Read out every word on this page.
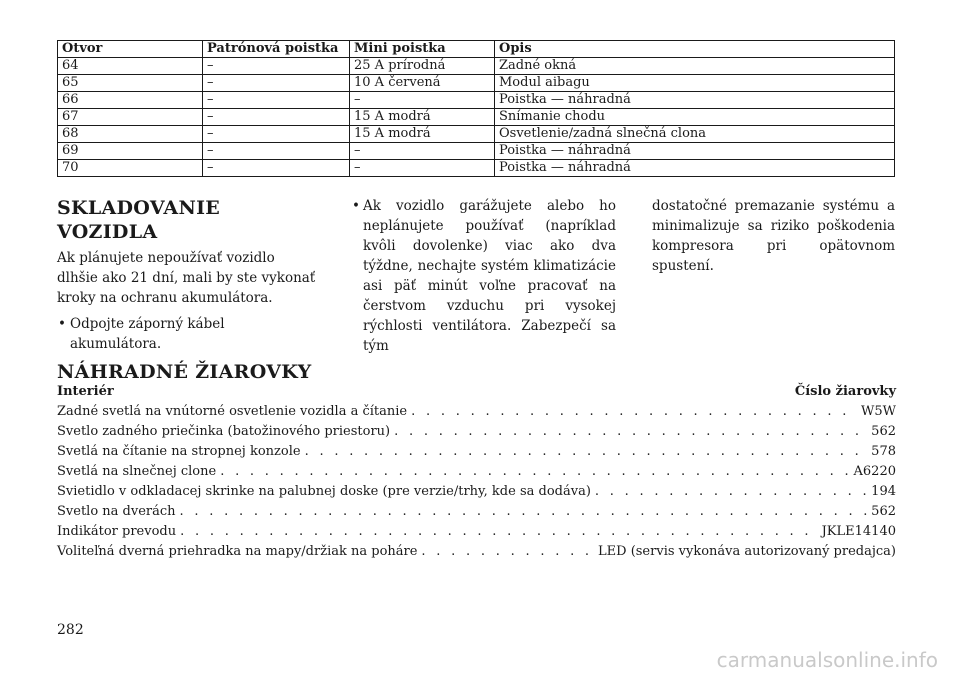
Otvor	Patrónová poistka	Mini poistka	Opis
64	–	25 A prírodná	Zadné okná
65	–	10 A červená	Modul aibagu
66	–	–	Poistka — náhradná
67	–	15 A modrá	Snímanie chodu
68	–	15 A modrá	Osvetlenie/zadná slnečná clona
69	–	–	Poistka — náhradná
70	–	–	Poistka — náhradná
SKLADOVANIE
VOZIDLA

Ak plánujete nepoužívať vozidlo dlhšie ako 21 dní, mali by ste vykonať kroky na ochranu akumulátora.

• Odpojte záporný kábel akumulátora.
NÁHRADNÉ ŽIAROVKY
• Ak vozidlo garážujete alebo ho neplánujete používať (napríklad kvôli dovolenke) viac ako dva týždne, nechajte systém klimatizácie asi päť minút voľne pracovať na čerstvom vzduchu pri vysokej rýchlosti ventilátora. Zabezpečí sa tým
dostatočné premazanie systému a minimalizuje sa riziko poškodenia kompresora pri opätovnom spustení.
Interiér	Číslo žiarovky
Zadné svetlá na vnútorné osvetlenie vozidla a čítanie . . .	W5W
Svetlo zadného priečinka (batožinového priestoru) . . .	562
Svetlá na čítanie na stropnej konzole . . .	578
Svetlá na slnečnej clone . . .	A6220
Svietidlo v odkladacej skrinke na palubnej doske (pre verzie/trhy, kde sa dodáva) . . .	194
Svetlo na dverách . . .	562
Indikátor prevodu . . .	JKLE14140
Voliteľná dverná priehradka na mapy/držiak na poháre . . .	LED (servis vykonáva autorizovaný predajca)
282
carmanualsonline.info
